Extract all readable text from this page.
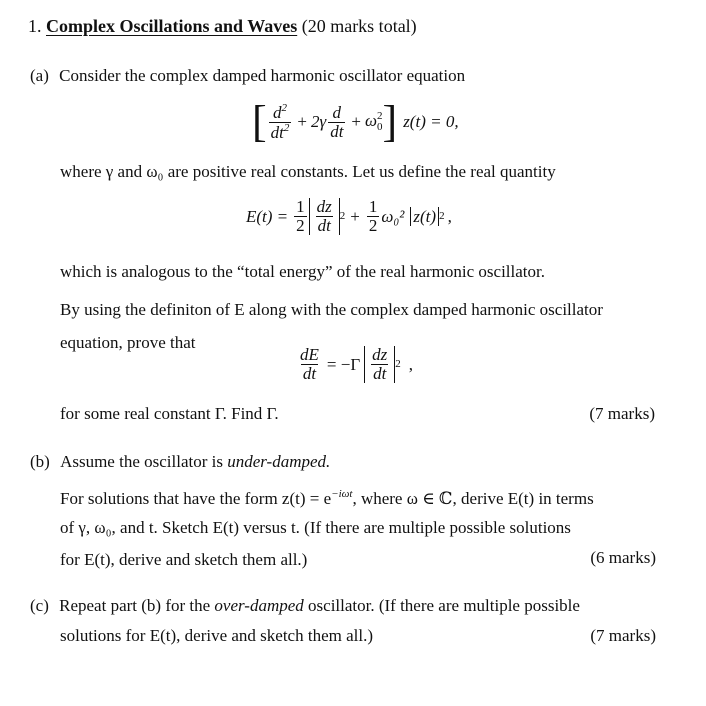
1. Complex Oscillations and Waves (20 marks total)
(a) Consider the complex damped harmonic oscillator equation
[ $\frac{d^2}{dt^2} + 2\gamma \frac{d}{dt} + \omega$ 2
0 ] z(t) = 0,
where γ and ω₀ are positive real constants. Let us define the real quantity
$E(t) = \frac{1}{2} \frac{dz}{dt} 2 + \frac{1}{2} \omega_0^2$ z(t) 2 ,
which is analogous to the “total energy” of the real harmonic oscillator.
By using the definiton of E along with the complex damped harmonic oscillator
equation, prove that
$\frac{dE}{dt} = -\Gamma \frac{dz}{dt} 2$ ,
for some real constant Γ. Find Γ.	(7 marks)
(b) Assume the oscillator is under-damped.
For solutions that have the form $z(t) = e^{-i\omega t}$, where ω ∈ ℂ, derive E(t) in terms
of γ, ω₀, and t. Sketch E(t) versus t. (If there are multiple possible solutions
for E(t), derive and sketch them all.)	(6 marks)
(c) Repeat part (b) for the over-damped oscillator. (If there are multiple possible
solutions for E(t), derive and sketch them all.)	(7 marks)
